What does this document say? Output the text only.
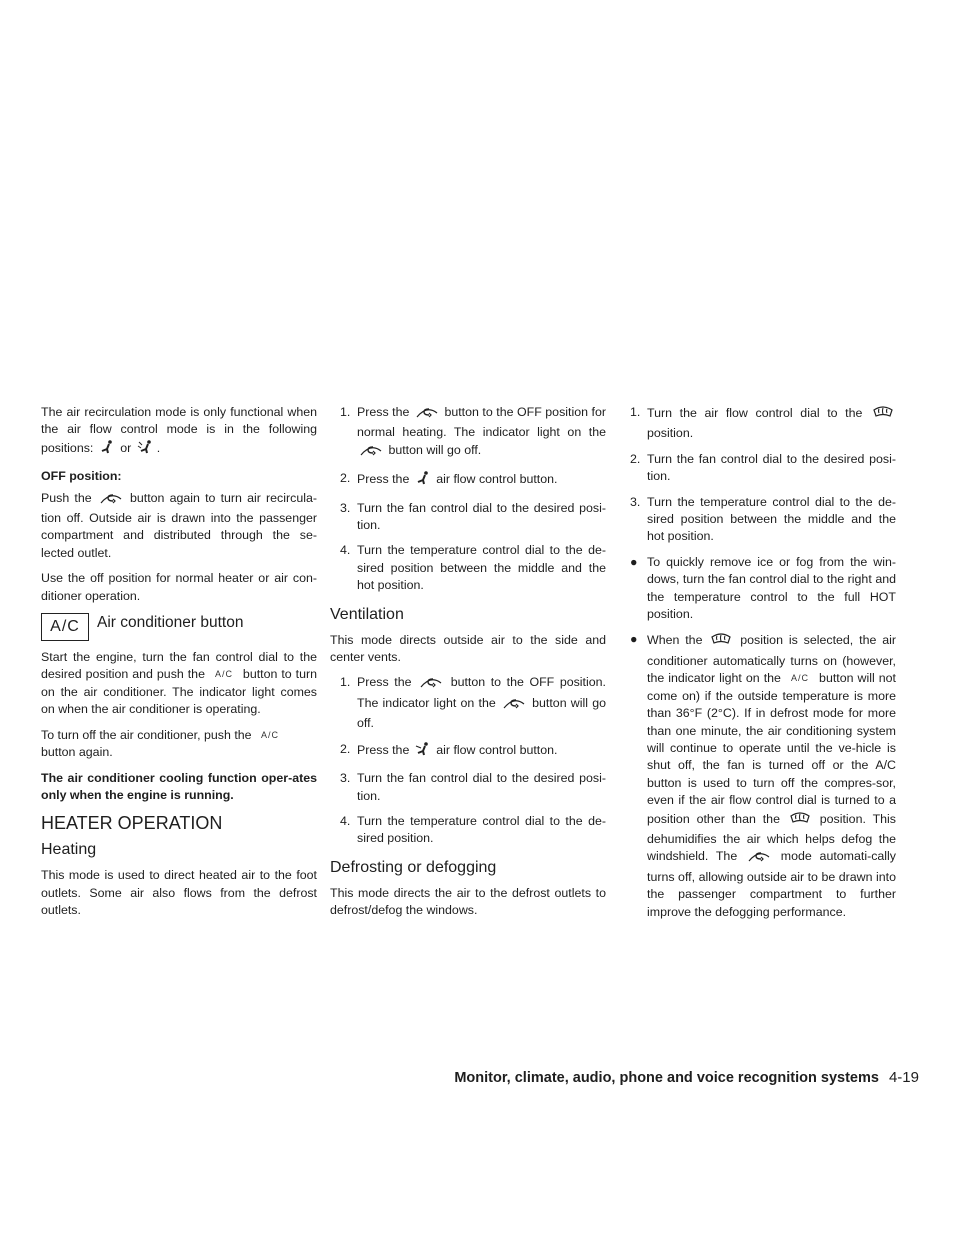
The air recirculation mode is only functional when the air flow control mode is in the following positions: or .

OFF position:

Push the	button again to turn air recircula-tion off. Outside air is drawn into the passenger compartment and distributed through the se-lected outlet.

Use the off position for normal heater or air con-ditioner operation.

A/C	Air conditioner button

Start the engine, turn the fan control dial to the desired position and push the A/C button to turn on the air conditioner. The indicator light comes on when the air conditioner is operating.

To turn off the air conditioner, push the A/C
button again.

The air conditioner cooling function oper-ates only when the engine is running.

HEATER OPERATION
Heating

This mode is used to direct heated air to the foot outlets. Some air also flows from the defrost outlets.

1. Press the	button to the OFF position for normal heating. The indicator light on the  button will go off.
2. Press the air flow control button.
3. Turn the fan control dial to the desired posi-tion.
4. Turn the temperature control dial to the de-sired position between the middle and the hot position.
Ventilation

This mode directs outside air to the side and center vents.

1. Press the	button to the OFF position. The indicator light on the	button will go off.
2. Press the air flow control button.
3. Turn the fan control dial to the desired posi-tion.
4. Turn the temperature control dial to the de-sired position.
Defrosting or defogging

This mode directs the air to the defrost outlets to defrost/defog the windows.

1. Turn the air flow control dial to the  position.
2. Turn the fan control dial to the desired posi-tion.
3. Turn the temperature control dial to the de-sired position between the middle and the hot position.
● To quickly remove ice or fog from the win-dows, turn the fan control dial to the right and the temperature control to the full HOT position.
● When the	position is selected, the air conditioner automatically turns on (however, the indicator light on the A/C button will not come on) if the outside temperature is more than 36°F (2°C). If in defrost mode for more than one minute, the air conditioning system will continue to operate until the ve-hicle is shut off, the fan is turned off or the A/C button is used to turn off the compres-sor, even if the air flow control dial is turned to a position other than the	position. This dehumidifies the air which helps defog the windshield. The	mode automati-cally turns off, allowing outside air to be drawn into the passenger compartment to further improve the defogging performance.
Monitor, climate, audio, phone and voice recognition systems 4-19
